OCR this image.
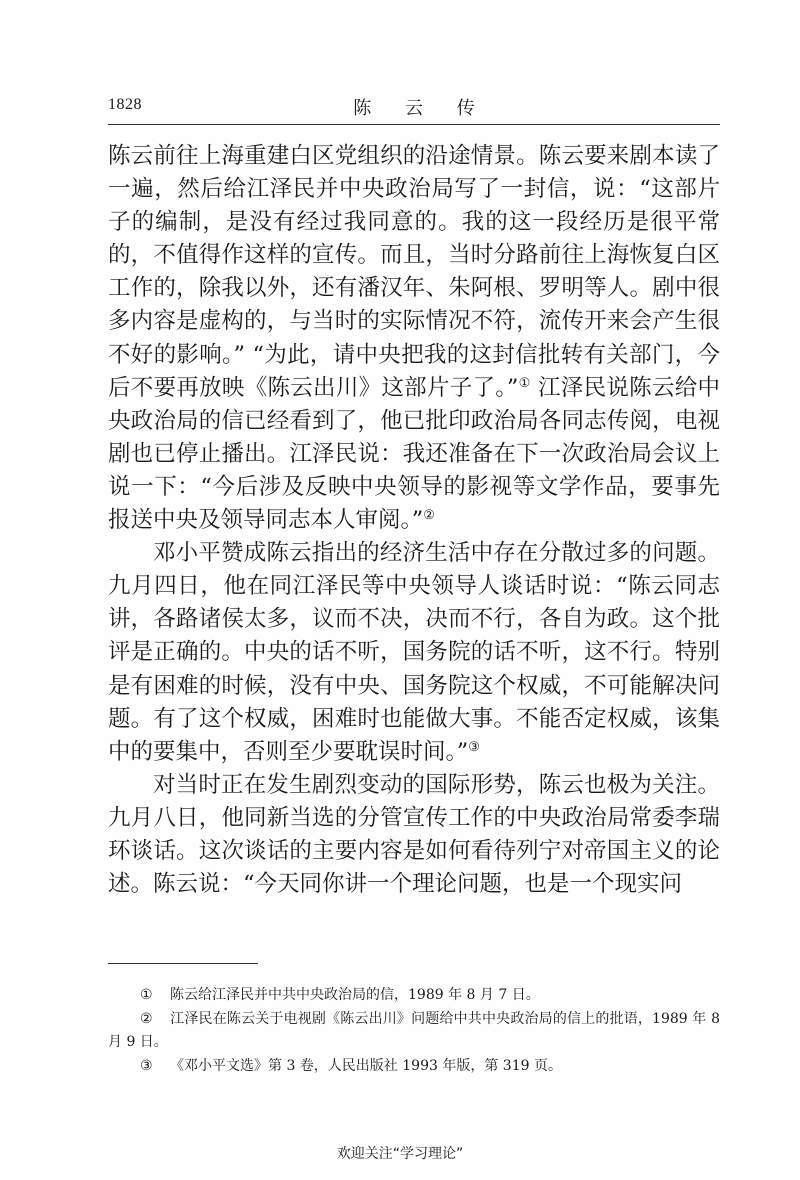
1828	陈 云 传

陈云前往上海重建白区党组织的沿途情景。陈云要来剧本读了一遍，然后给江泽民并中央政治局写了一封信，说：“这部片子的编制，是没有经过我同意的。我的这一段经历是很平常的，不值得作这样的宣传。而且，当时分路前往上海恢复白区工作的，除我以外，还有潘汉年、朱阿根、罗明等人。剧中很多内容是虚构的，与当时的实际情况不符，流传开来会产生很不好的影响。” “为此，请中央把我的这封信批转有关部门，今后不要再放映《陈云出川》这部片子了。”① 江泽民说陈云给中央政治局的信已经看到了，他已批印政治局各同志传阅，电视剧也已停止播出。江泽民说：我还准备在下一次政治局会议上说一下：“今后涉及反映中央领导的影视等文学作品，要事先报送中央及领导同志本人审阅。”②

邓小平赞成陈云指出的经济生活中存在分散过多的问题。九月四日，他在同江泽民等中央领导人谈话时说：“陈云同志讲，各路诸侯太多，议而不决，决而不行，各自为政。这个批评是正确的。中央的话不听，国务院的话不听，这不行。特别是有困难的时候，没有中央、国务院这个权威，不可能解决问题。有了这个权威，困难时也能做大事。不能否定权威，该集中的要集中，否则至少要耽误时间。”③

对当时正在发生剧烈变动的国际形势，陈云也极为关注。九月八日，他同新当选的分管宣传工作的中央政治局常委李瑞环谈话。这次谈话的主要内容是如何看待列宁对帝国主义的论述。陈云说：“今天同你讲一个理论问题，也是一个现实问

① 陈云给江泽民并中共中央政治局的信，1989 年 8 月 7 日。

② 江泽民在陈云关于电视剧《陈云出川》问题给中共中央政治局的信上的批语，1989 年 8 月 9 日。

③ 《邓小平文选》第 3 卷，人民出版社 1993 年版，第 319 页。

欢迎关注“学习理论”
